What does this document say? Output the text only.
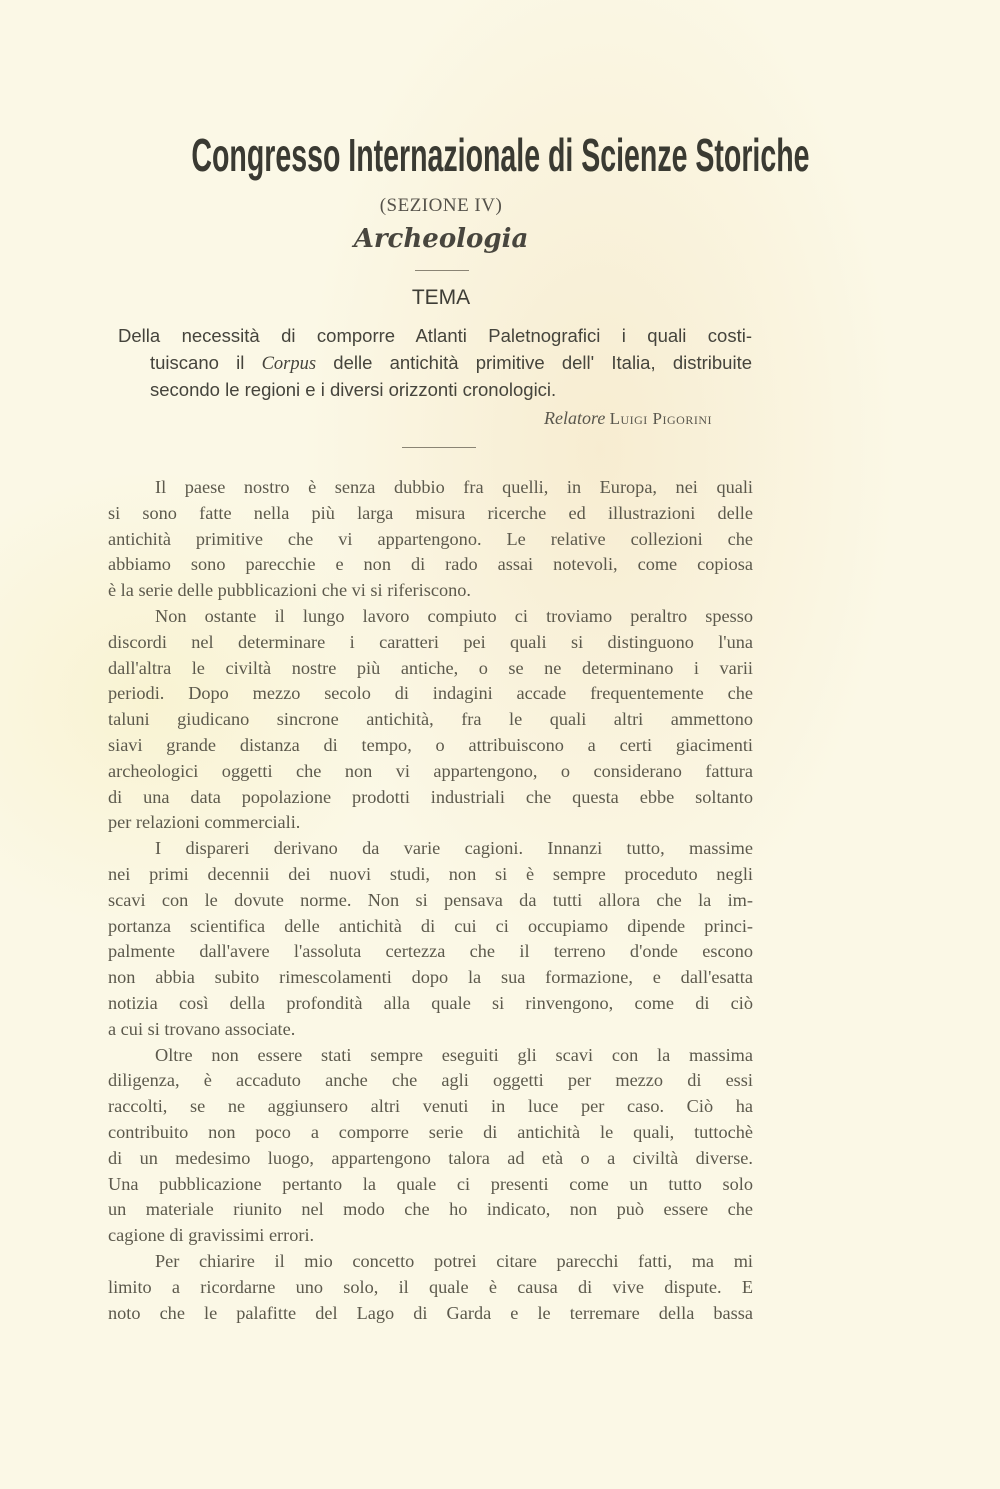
Congresso Internazionale di Scienze Storiche
(SEZIONE IV)
Archeologia
TEMA
Della necessità di comporre Atlanti Paletnografici i quali costi-
tuiscano il Corpus delle antichità primitive dell' Italia, distribuite
secondo le regioni e i diversi orizzonti cronologici.
Relatore Luigi Pigorini
Il paese nostro è senza dubbio fra quelli, in Europa, nei quali
si sono fatte nella più larga misura ricerche ed illustrazioni delle
antichità primitive che vi appartengono. Le relative collezioni che
abbiamo sono parecchie e non di rado assai notevoli, come copiosa
è la serie delle pubblicazioni che vi si riferiscono.
Non ostante il lungo lavoro compiuto ci troviamo peraltro spesso
discordi nel determinare i caratteri pei quali si distinguono l'una
dall'altra le civiltà nostre più antiche, o se ne determinano i varii
periodi. Dopo mezzo secolo di indagini accade frequentemente che
taluni giudicano sincrone antichità, fra le quali altri ammettono
siavi grande distanza di tempo, o attribuiscono a certi giacimenti
archeologici oggetti che non vi appartengono, o considerano fattura
di una data popolazione prodotti industriali che questa ebbe soltanto
per relazioni commerciali.
I dispareri derivano da varie cagioni. Innanzi tutto, massime
nei primi decennii dei nuovi studi, non si è sempre proceduto negli
scavi con le dovute norme. Non si pensava da tutti allora che la im-
portanza scientifica delle antichità di cui ci occupiamo dipende princi-
palmente dall'avere l'assoluta certezza che il terreno d'onde escono
non abbia subito rimescolamenti dopo la sua formazione, e dall'esatta
notizia così della profondità alla quale si rinvengono, come di ciò
a cui si trovano associate.
Oltre non essere stati sempre eseguiti gli scavi con la massima
diligenza, è accaduto anche che agli oggetti per mezzo di essi
raccolti, se ne aggiunsero altri venuti in luce per caso. Ciò ha
contribuito non poco a comporre serie di antichità le quali, tuttochè
di un medesimo luogo, appartengono talora ad età o a civiltà diverse.
Una pubblicazione pertanto la quale ci presenti come un tutto solo
un materiale riunito nel modo che ho indicato, non può essere che
cagione di gravissimi errori.
Per chiarire il mio concetto potrei citare parecchi fatti, ma mi
limito a ricordarne uno solo, il quale è causa di vive dispute. E
noto che le palafitte del Lago di Garda e le terremare della bassa
